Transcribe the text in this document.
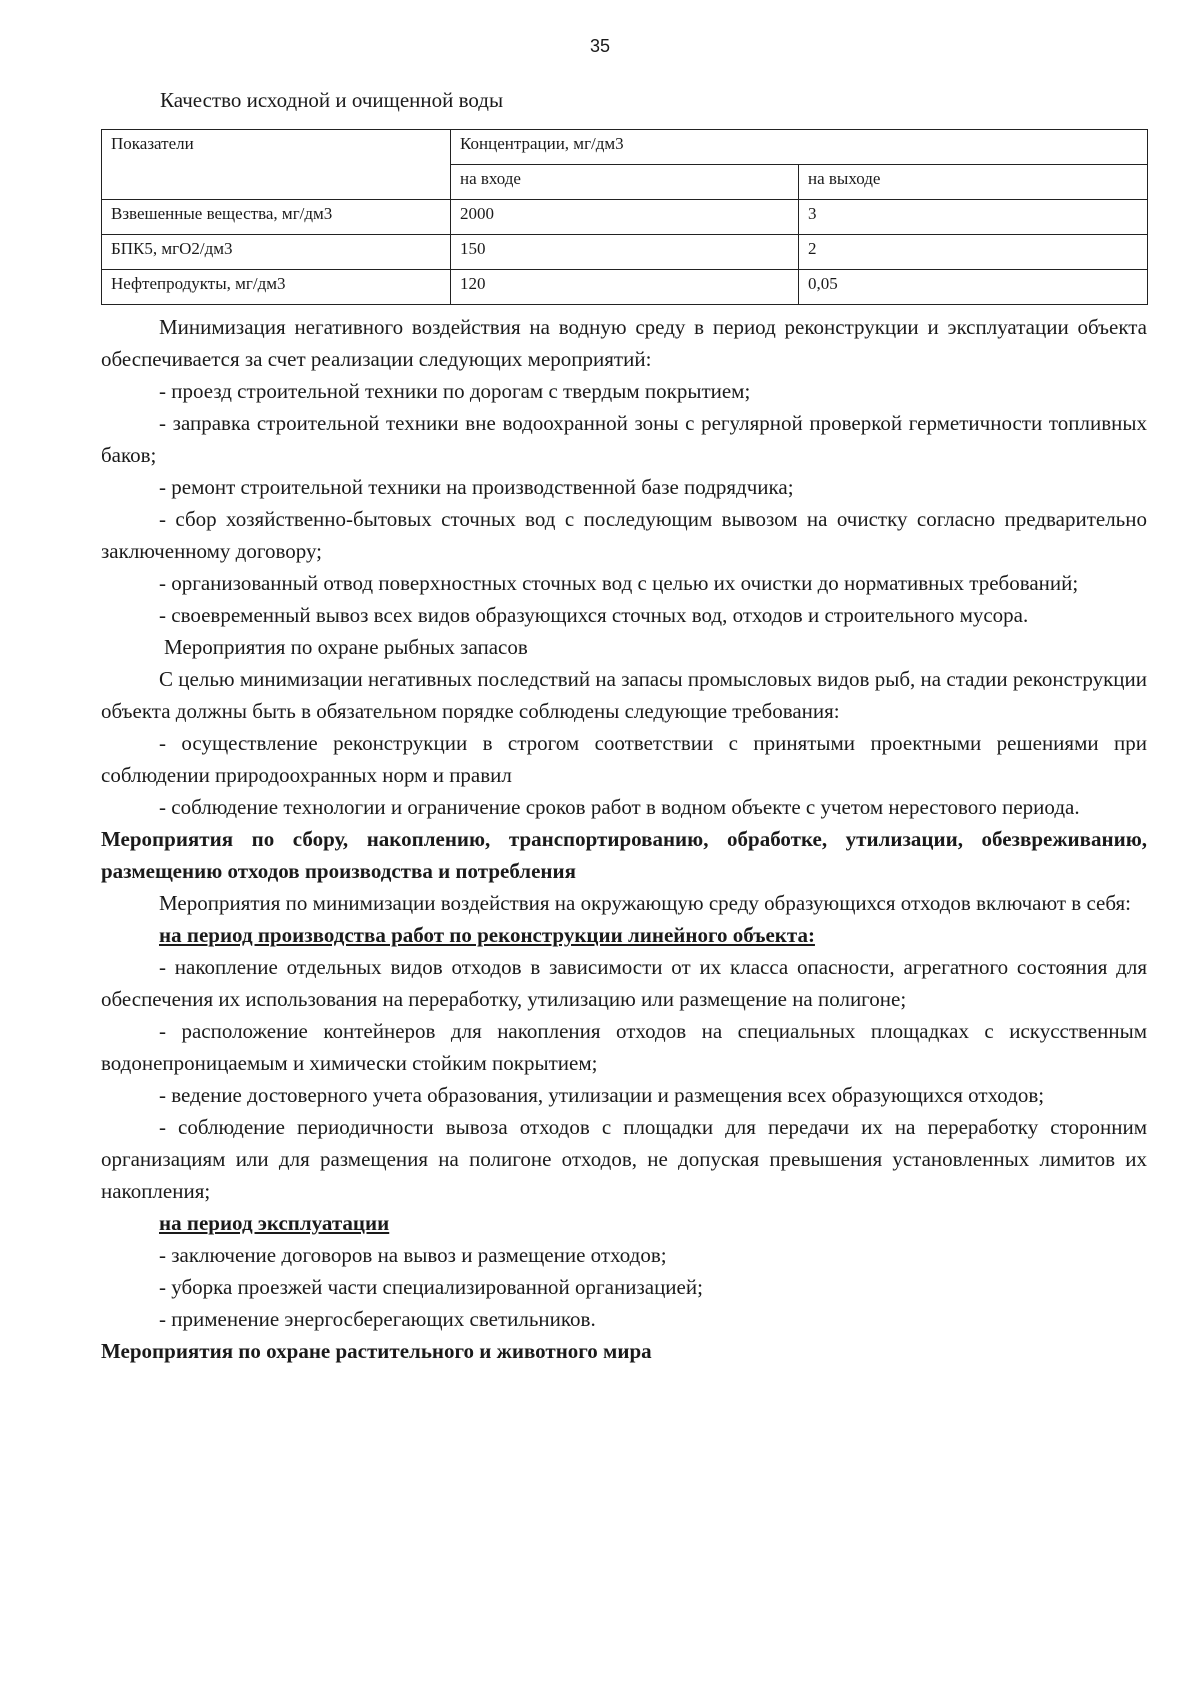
35
Качество исходной и очищенной воды
Показатели	Концентрации, мг/дм3	
	на входе	на выходе
Взвешенные вещества, мг/дм3	2000	3
БПК5, мгО2/дм3	150	2
Нефтепродукты, мг/дм3	120	0,05

Минимизация негативного воздействия на водную среду в период реконструкции и эксплуатации объекта обеспечивается за счет реализации следующих мероприятий:

- проезд строительной техники по дорогам с твердым покрытием;

- заправка строительной техники вне водоохранной зоны с регулярной проверкой герметичности топливных баков;

- ремонт строительной техники на производственной базе подрядчика;

- сбор хозяйственно-бытовых сточных вод с последующим вывозом на очистку согласно предварительно заключенному договору;

- организованный отвод поверхностных сточных вод с целью их очистки до нормативных требований;

- своевременный вывоз всех видов образующихся сточных вод, отходов и строительного мусора.

Мероприятия по охране рыбных запасов

С целью минимизации негативных последствий на запасы промысловых видов рыб, на стадии реконструкции объекта должны быть в обязательном порядке соблюдены следующие требования:

- осуществление реконструкции в строгом соответствии с принятыми проектными решениями при соблюдении природоохранных норм и правил

- соблюдение технологии и ограничение сроков работ в водном объекте с учетом нерестового периода.

Мероприятия по сбору, накоплению, транспортированию, обработке, утилизации, обезвреживанию, размещению отходов производства и потребления

Мероприятия по минимизации воздействия на окружающую среду образующихся отходов включают в себя:

на период производства работ по реконструкции линейного объекта:

- накопление отдельных видов отходов в зависимости от их класса опасности, агрегатного состояния для обеспечения их использования на переработку, утилизацию или размещение на полигоне;

- расположение контейнеров для накопления отходов на специальных площадках с искусственным водонепроницаемым и химически стойким покрытием;

- ведение достоверного учета образования, утилизации и размещения всех образующихся отходов;

- соблюдение периодичности вывоза отходов с площадки для передачи их на переработку сторонним организациям или для размещения на полигоне отходов, не допуская превышения установленных лимитов их накопления;

на период эксплуатации

- заключение договоров на вывоз и размещение отходов;

- уборка проезжей части специализированной организацией;

- применение энергосберегающих светильников.

Мероприятия по охране растительного и животного мира
